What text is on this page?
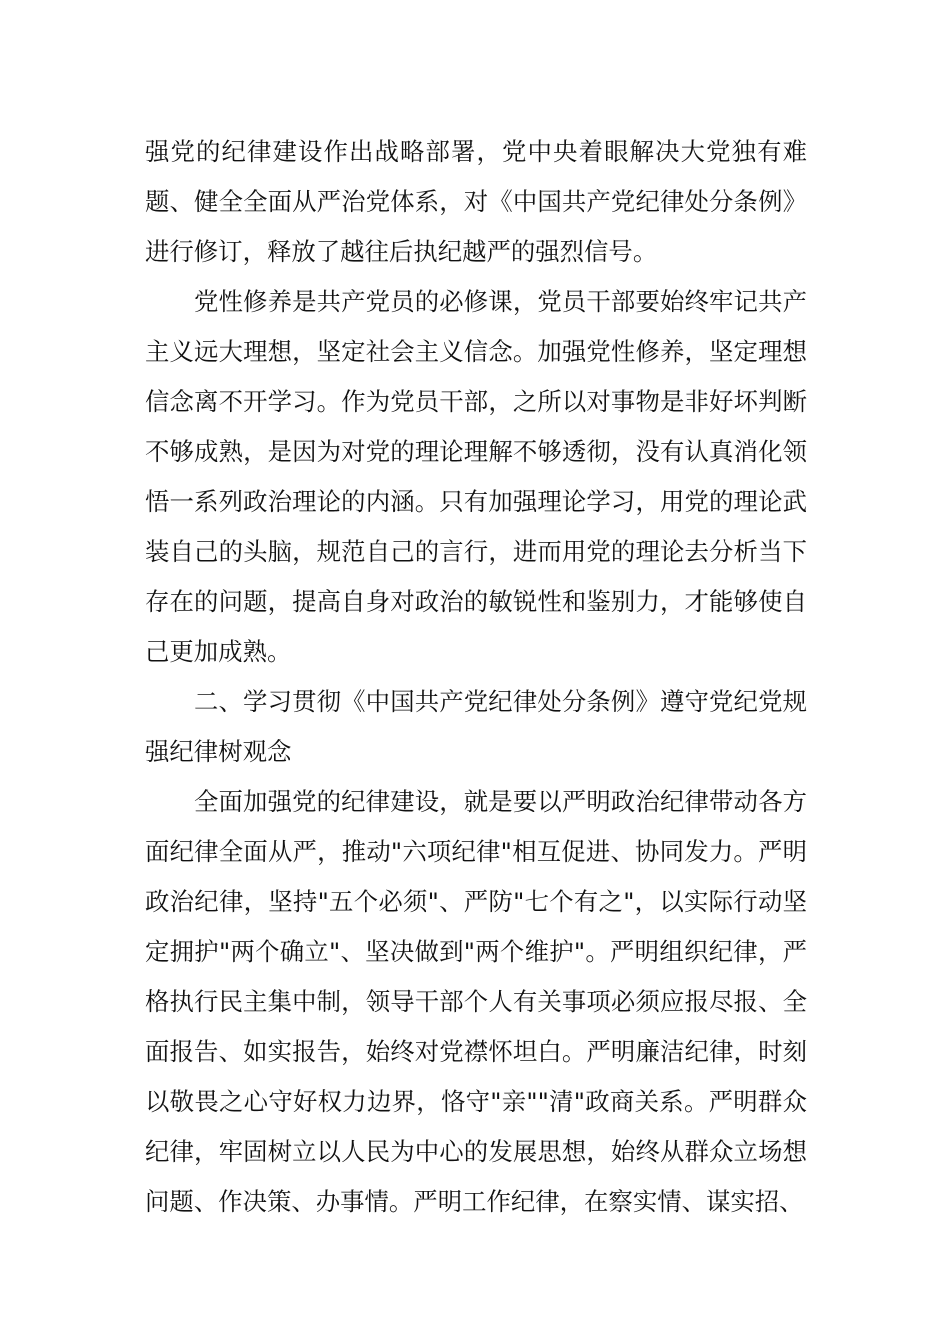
强党的纪律建设作出战略部署，党中央着眼解决大党独有难题、健全全面从严治党体系，对《中国共产党纪律处分条例》进行修订，释放了越往后执纪越严的强烈信号。

党性修养是共产党员的必修课，党员干部要始终牢记共产主义远大理想，坚定社会主义信念。加强党性修养，坚定理想信念离不开学习。作为党员干部，之所以对事物是非好坏判断不够成熟，是因为对党的理论理解不够透彻，没有认真消化领悟一系列政治理论的内涵。只有加强理论学习，用党的理论武装自己的头脑，规范自己的言行，进而用党的理论去分析当下存在的问题，提高自身对政治的敏锐性和鉴别力，才能够使自己更加成熟。

二、学习贯彻《中国共产党纪律处分条例》遵守党纪党规强纪律树观念

全面加强党的纪律建设，就是要以严明政治纪律带动各方面纪律全面从严，推动"六项纪律"相互促进、协同发力。严明政治纪律，坚持"五个必须"、严防"七个有之"，以实际行动坚定拥护"两个确立"、坚决做到"两个维护"。严明组织纪律，严格执行民主集中制，领导干部个人有关事项必须应报尽报、全面报告、如实报告，始终对党襟怀坦白。严明廉洁纪律，时刻以敬畏之心守好权力边界，恪守"亲""清"政商关系。严明群众纪律，牢固树立以人民为中心的发展思想，始终从群众立场想问题、作决策、办事情。严明工作纪律，在察实情、谋实招、
